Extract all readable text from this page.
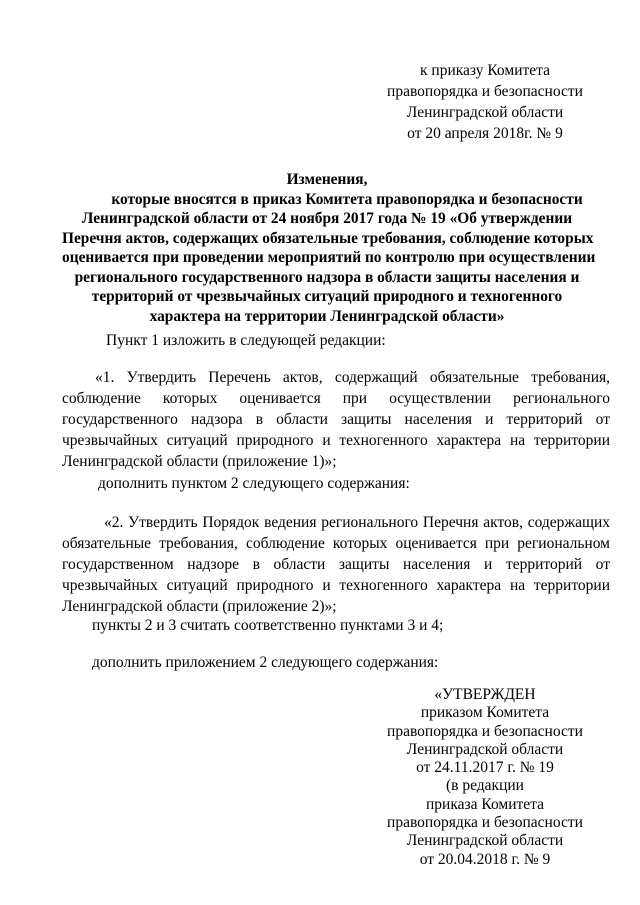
к приказу Комитета
правопорядка и безопасности
Ленинградской области
от 20 апреля 2018г. № 9
Изменения,
которые вносятся в приказ Комитета правопорядка и безопасности
Ленинградской области от 24 ноября 2017 года № 19 «Об утверждении
Перечня актов, содержащих обязательные требования, соблюдение которых
оценивается при проведении мероприятий по контролю при осуществлении
регионального государственного надзора в области защиты населения и
территорий от чрезвычайных ситуаций природного и техногенного
характера на территории Ленинградской области»
Пункт 1 изложить в следующей редакции:
«1. Утвердить Перечень актов, содержащий обязательные требования,
соблюдение которых оценивается при осуществлении регионального
государственного надзора в области защиты населения и территорий от
чрезвычайных ситуаций природного и техногенного характера на территории
Ленинградской области (приложение 1)»;
дополнить пунктом 2 следующего содержания:
«2. Утвердить Порядок ведения регионального Перечня актов, содержащих
обязательные требования, соблюдение которых оценивается при региональном
государственном надзоре в области защиты населения и территорий от
чрезвычайных ситуаций природного и техногенного характера на территории
Ленинградской области (приложение 2)»;
пункты 2 и 3 считать соответственно пунктами 3 и 4;
дополнить приложением 2 следующего содержания:
«УТВЕРЖДЕН
приказом Комитета
правопорядка и безопасности
Ленинградской области
от 24.11.2017 г. № 19
(в редакции
приказа Комитета
правопорядка и безопасности
Ленинградской области
от 20.04.2018 г. № 9
